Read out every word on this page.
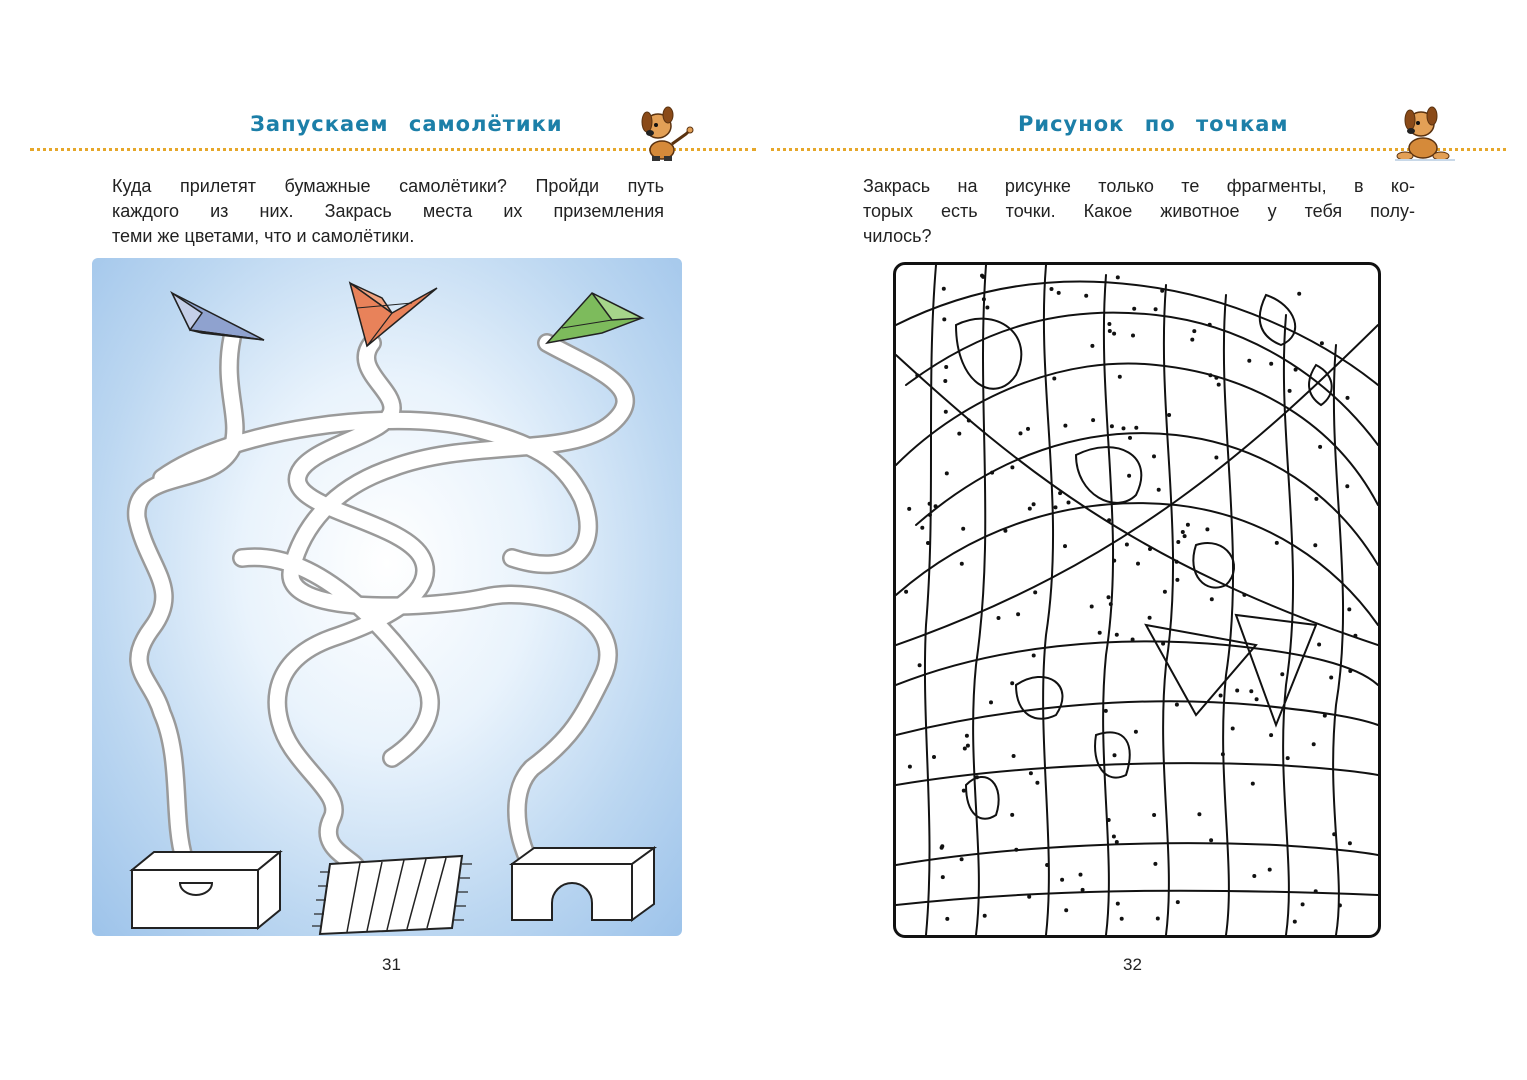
Запускаем самолётики
Куда прилетят бумажные самолётики? Пройди путь
каждого из них. Закрась места их приземления
теми же цветами, что и самолётики.
31
Рисунок по точкам
Закрась на рисунке только те фрагменты, в ко-
торых есть точки. Какое животное у тебя полу-
чилось?
32
